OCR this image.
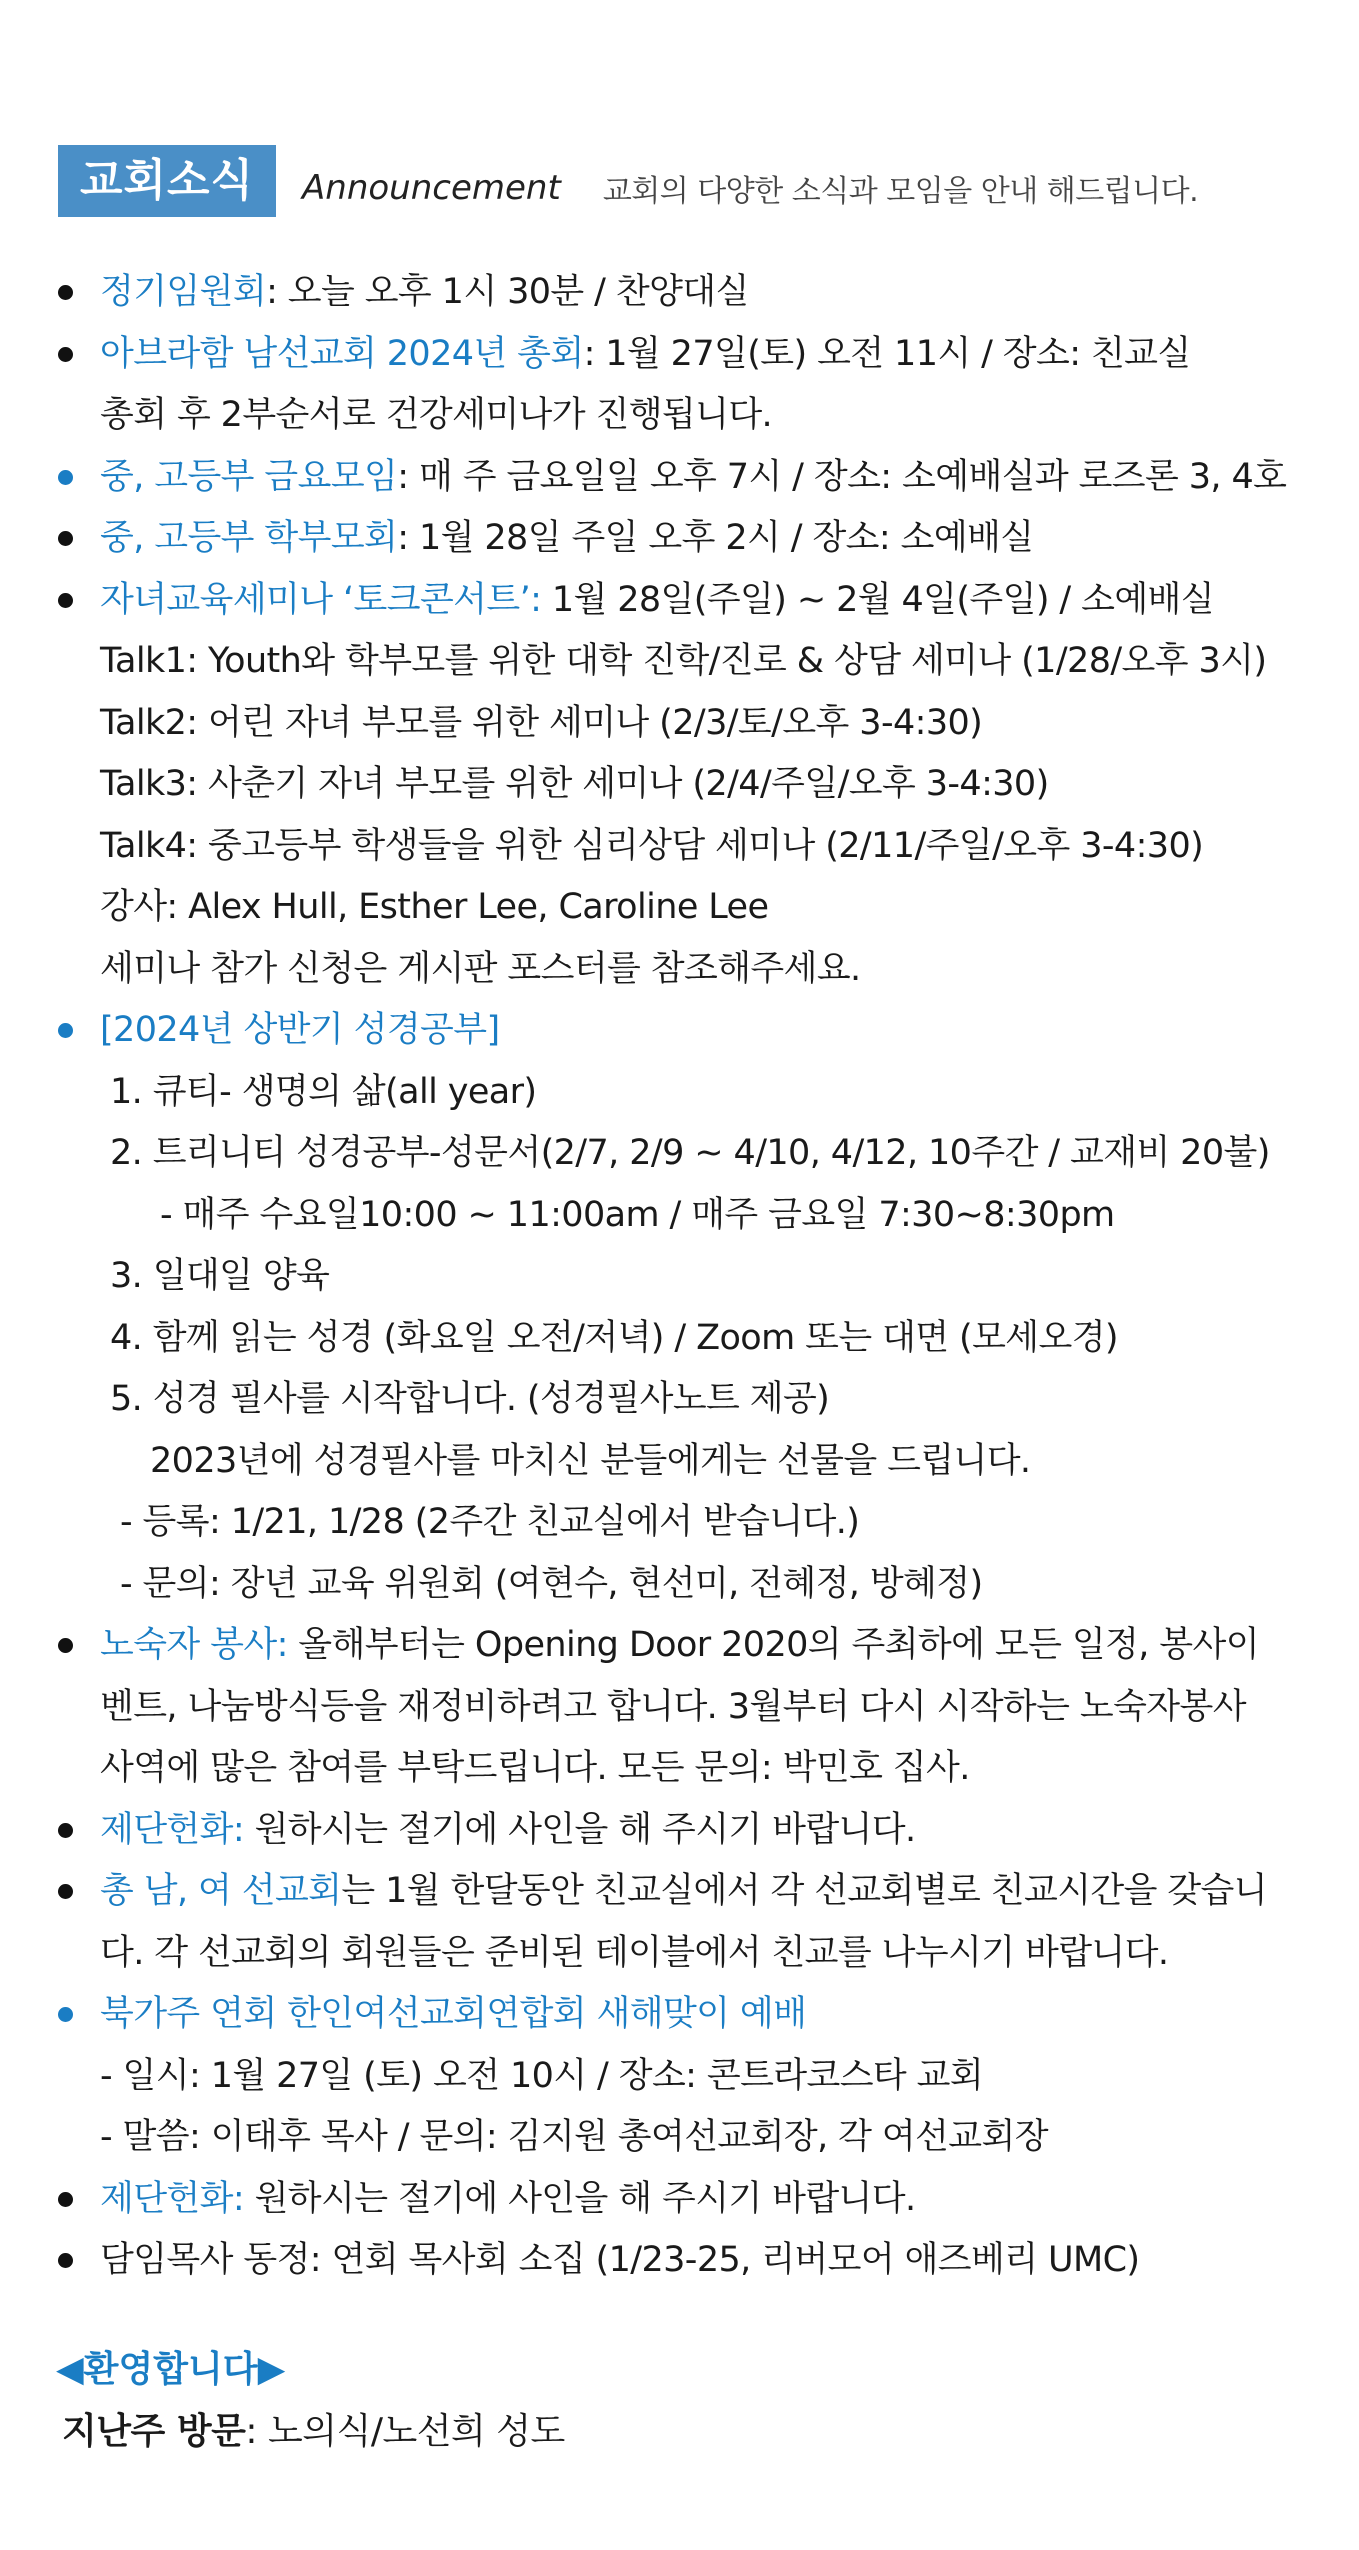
교회소식	Announcement 교회의 다양한 소식과 모임을 안내 해드립니다.
정기임원회: 오늘 오후 1시 30분 / 찬양대실
아브라함 남선교회 2024년 총회: 1월 27일(토) 오전 11시 / 장소: 친교실
총회 후 2부순서로 건강세미나가 진행됩니다.
중, 고등부 금요모임: 매 주 금요일일 오후 7시 / 장소: 소예배실과 로즈론 3, 4호
중, 고등부 학부모회: 1월 28일 주일 오후 2시 / 장소: 소예배실
자녀교육세미나 ‘토크콘서트’: 1월 28일(주일) ~ 2월 4일(주일) / 소예배실
Talk1: Youth와 학부모를 위한 대학 진학/진로 & 상담 세미나 (1/28/오후 3시)
Talk2: 어린 자녀 부모를 위한 세미나 (2/3/토/오후 3-4:30)
Talk3: 사춘기 자녀 부모를 위한 세미나 (2/4/주일/오후 3-4:30)
Talk4: 중고등부 학생들을 위한 심리상담 세미나 (2/11/주일/오후 3-4:30)
강사: Alex Hull, Esther Lee, Caroline Lee
세미나 참가 신청은 게시판 포스터를 참조해주세요.
[2024년 상반기 성경공부]
1. 큐티- 생명의 삶(all year)
2. 트리니티 성경공부-성문서(2/7, 2/9 ~ 4/10, 4/12, 10주간 / 교재비 20불)
- 매주 수요일10:00 ~ 11:00am / 매주 금요일 7:30~8:30pm
3. 일대일 양육
4. 함께 읽는 성경 (화요일 오전/저녁) / Zoom 또는 대면 (모세오경)
5. 성경 필사를 시작합니다. (성경필사노트 제공)
2023년에 성경필사를 마치신 분들에게는 선물을 드립니다.
- 등록: 1/21, 1/28 (2주간 친교실에서 받습니다.)
- 문의: 장년 교육 위원회 (여현수, 현선미, 전혜정, 방혜정)
노숙자 봉사: 올해부터는 Opening Door 2020의 주최하에 모든 일정, 봉사이
벤트, 나눔방식등을 재정비하려고 합니다. 3월부터 다시 시작하는 노숙자봉사
사역에 많은 참여를 부탁드립니다. 모든 문의: 박민호 집사.
제단헌화: 원하시는 절기에 사인을 해 주시기 바랍니다.
총 남, 여 선교회는 1월 한달동안 친교실에서 각 선교회별로 친교시간을 갖습니
다. 각 선교회의 회원들은 준비된 테이블에서 친교를 나누시기 바랍니다.
북가주 연회 한인여선교회연합회 새해맞이 예배
- 일시: 1월 27일 (토) 오전 10시 / 장소: 콘트라코스타 교회
- 말씀: 이태후 목사 / 문의: 김지원 총여선교회장, 각 여선교회장
제단헌화: 원하시는 절기에 사인을 해 주시기 바랍니다.
담임목사 동정: 연회 목사회 소집 (1/23-25, 리버모어 애즈베리 UMC)
◀환영합니다▶
지난주 방문: 노의식/노선희 성도
